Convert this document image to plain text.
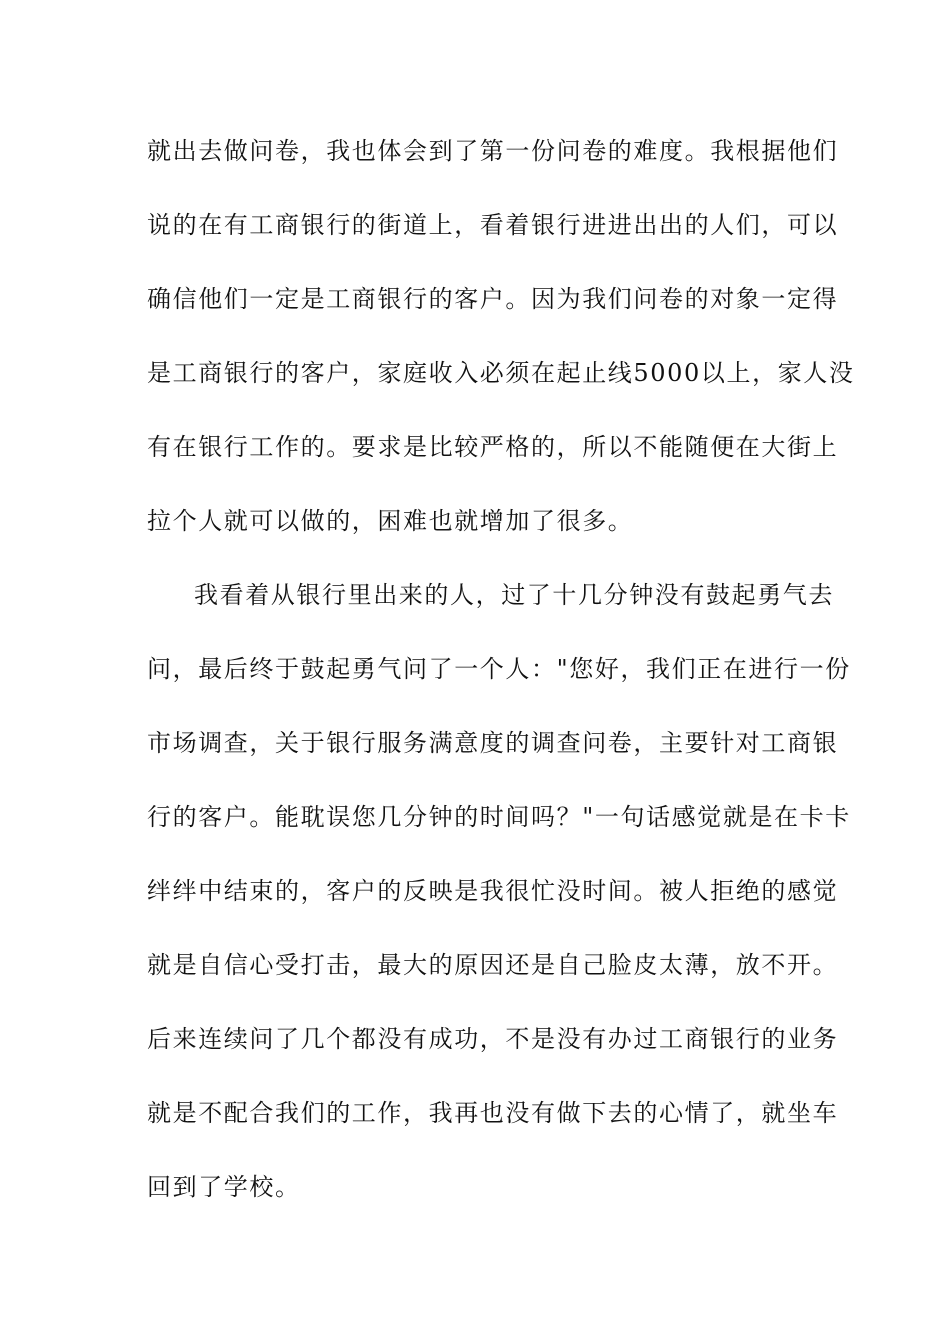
就出去做问卷，我也体会到了第一份问卷的难度。我根据他们
说的在有工商银行的街道上，看着银行进进出出的人们，可以
确信他们一定是工商银行的客户。因为我们问卷的对象一定得
是工商银行的客户，家庭收入必须在起止线5000以上，家人没
有在银行工作的。要求是比较严格的，所以不能随便在大街上
拉个人就可以做的，困难也就增加了很多。
我看着从银行里出来的人，过了十几分钟没有鼓起勇气去
问，最后终于鼓起勇气问了一个人："您好，我们正在进行一份
市场调查，关于银行服务满意度的调查问卷，主要针对工商银
行的客户。能耽误您几分钟的时间吗？"一句话感觉就是在卡卡
绊绊中结束的，客户的反映是我很忙没时间。被人拒绝的感觉
就是自信心受打击，最大的原因还是自己脸皮太薄，放不开。
后来连续问了几个都没有成功，不是没有办过工商银行的业务
就是不配合我们的工作，我再也没有做下去的心情了，就坐车
回到了学校。
